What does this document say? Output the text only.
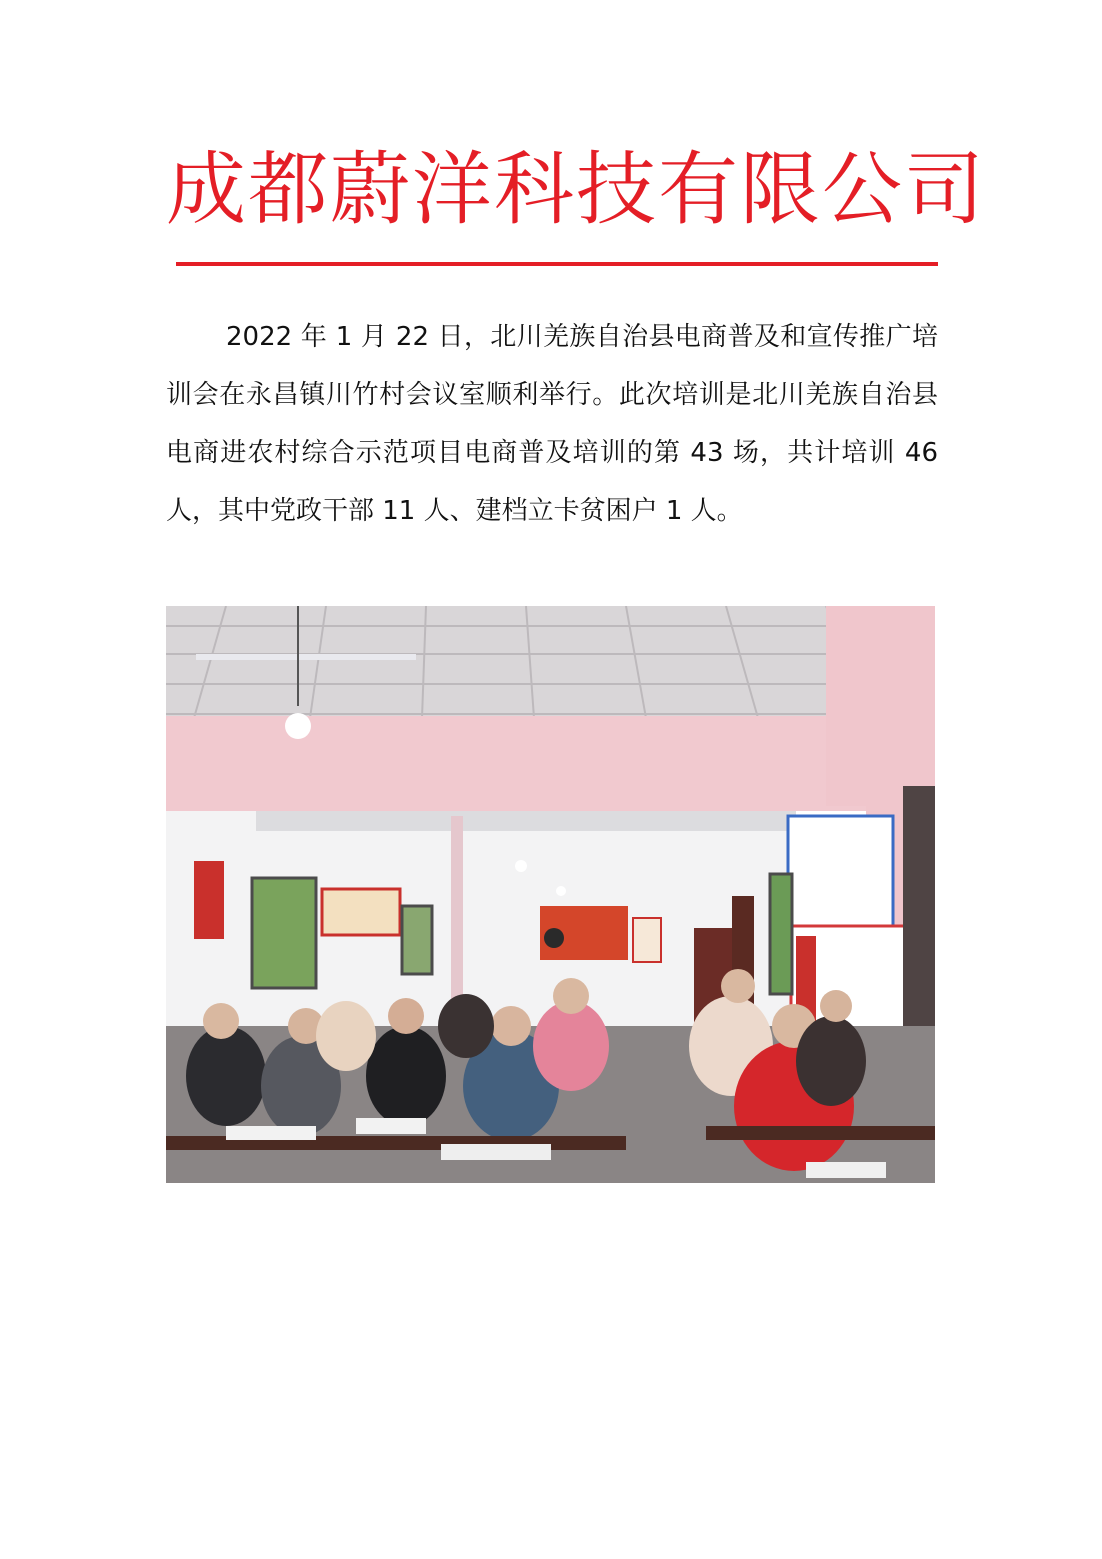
成都蔚洋科技有限公司

2022 年 1 月 22 日，北川羌族自治县电商普及和宣传推广培训会在永昌镇川竹村会议室顺利举行。此次培训是北川羌族自治县电商进农村综合示范项目电商普及培训的第 43 场，共计培训 46 人，其中党政干部 11 人、建档立卡贫困户 1 人。
